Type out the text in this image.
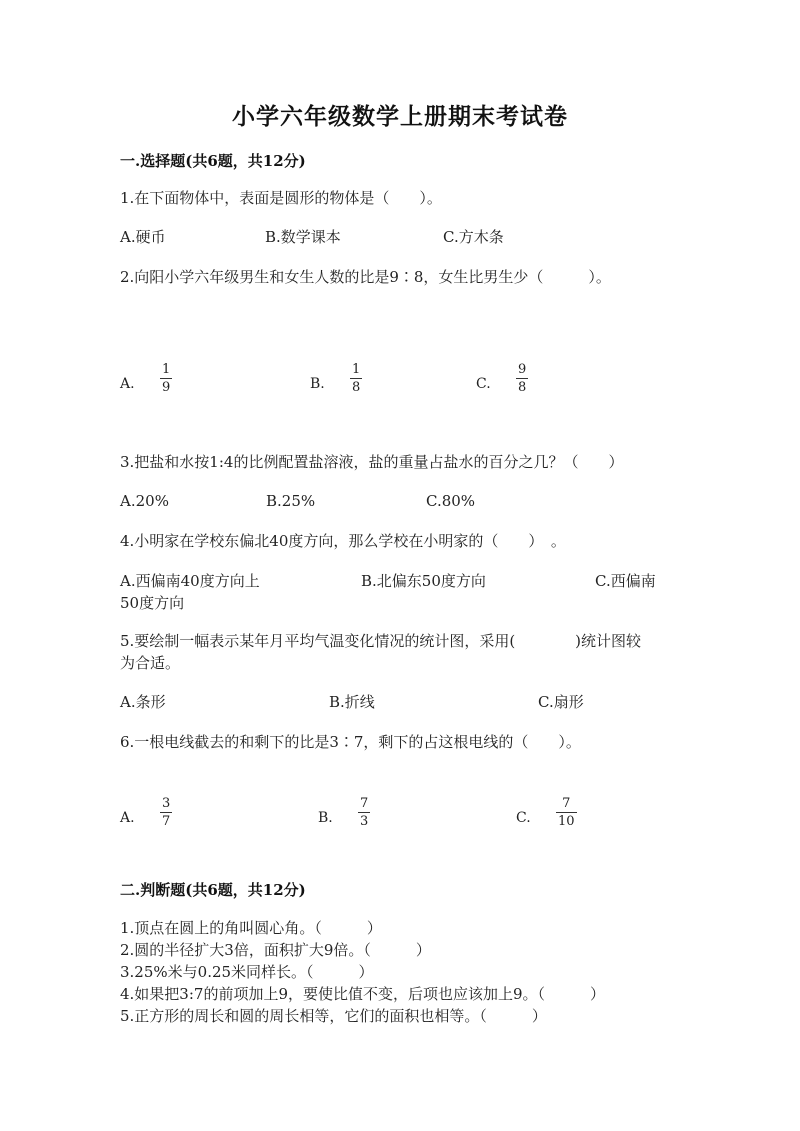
小学六年级数学上册期末考试卷
一.选择题(共6题，共12分)
1.在下面物体中，表面是圆形的物体是（　　）。
A.硬币	B.数学课本	C.方木条
2.向阳小学六年级男生和女生人数的比是9∶8，女生比男生少（　　　）。
A.
1
9	B.
1
8	C.
9
8
3.把盐和水按1:4的比例配置盐溶液，盐的重量占盐水的百分之几？（　　）
A.20%	B.25%	C.80%
4.小明家在学校东偏北40度方向，那么学校在小明家的（　　）　。
A.西偏南40度方向上	B.北偏东50度方向	C.西偏南
50度方向
5.要绘制一幅表示某年月平均气温变化情况的统计图，采用(　　　　)统计图较
为合适。
A.条形	B.折线	C.扇形
6.一根电线截去的和剩下的比是3∶7，剩下的占这根电线的（　　）。
A.
3
7	B.
7
3	C.
7
10
二.判断题(共6题，共12分)
1.顶点在圆上的角叫圆心角。（　　　）
2.圆的半径扩大3倍，面积扩大9倍。（　　　）
3.25%米与0.25米同样长。（　　　）
4.如果把3:7的前项加上9，要使比值不变，后项也应该加上9。（　　　）
5.正方形的周长和圆的周长相等，它们的面积也相等。（　　　）
